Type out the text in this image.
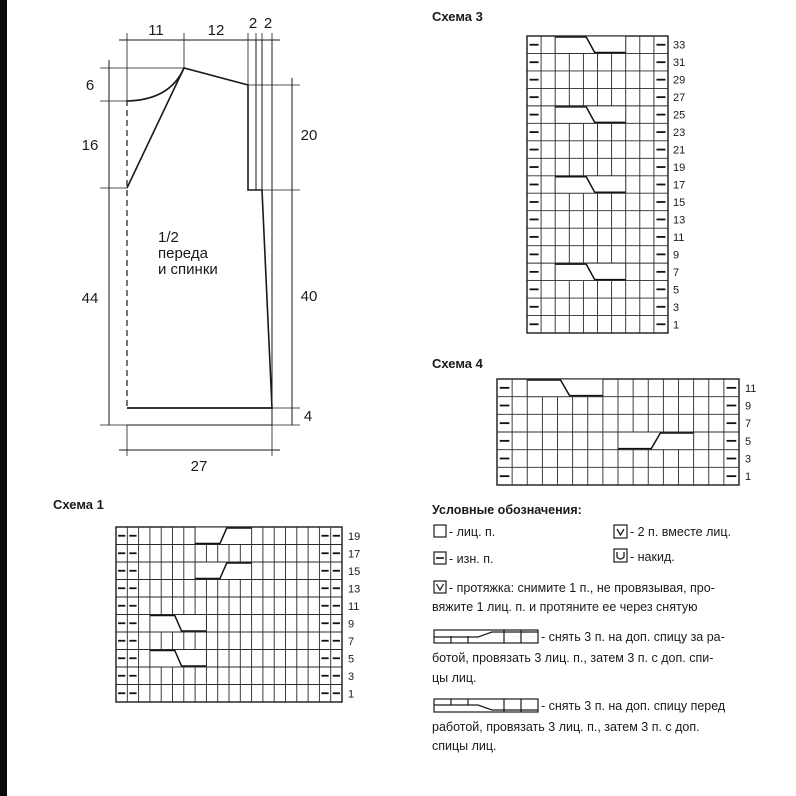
11	12 2 2
6
16
44
20
40
4
27
1/2
переда
и спинки
Схема 3
Схема 4
Схема 1
1
3
5
7
9
11
13
15
17
19
1
3
5
7
9
11
13
15
17
19
21
23
25
27
29
31
33
1
3
5
7
9
11
Условные обозначения:
- лиц. п.
- изн. п.
- 2 п. вместе лиц.
- накид.
- протяжка: снимите 1 п., не провязывая, про-
вяжите 1 лиц. п. и протяните ее через снятую
- снять 3 п. на доп. спицу за ра-
ботой, провязать 3 лиц. п., затем 3 п. с доп. спи-
цы лиц.
- снять 3 п. на доп. спицу перед
работой, провязать 3 лиц. п., затем 3 п. с доп.
спицы лиц.
